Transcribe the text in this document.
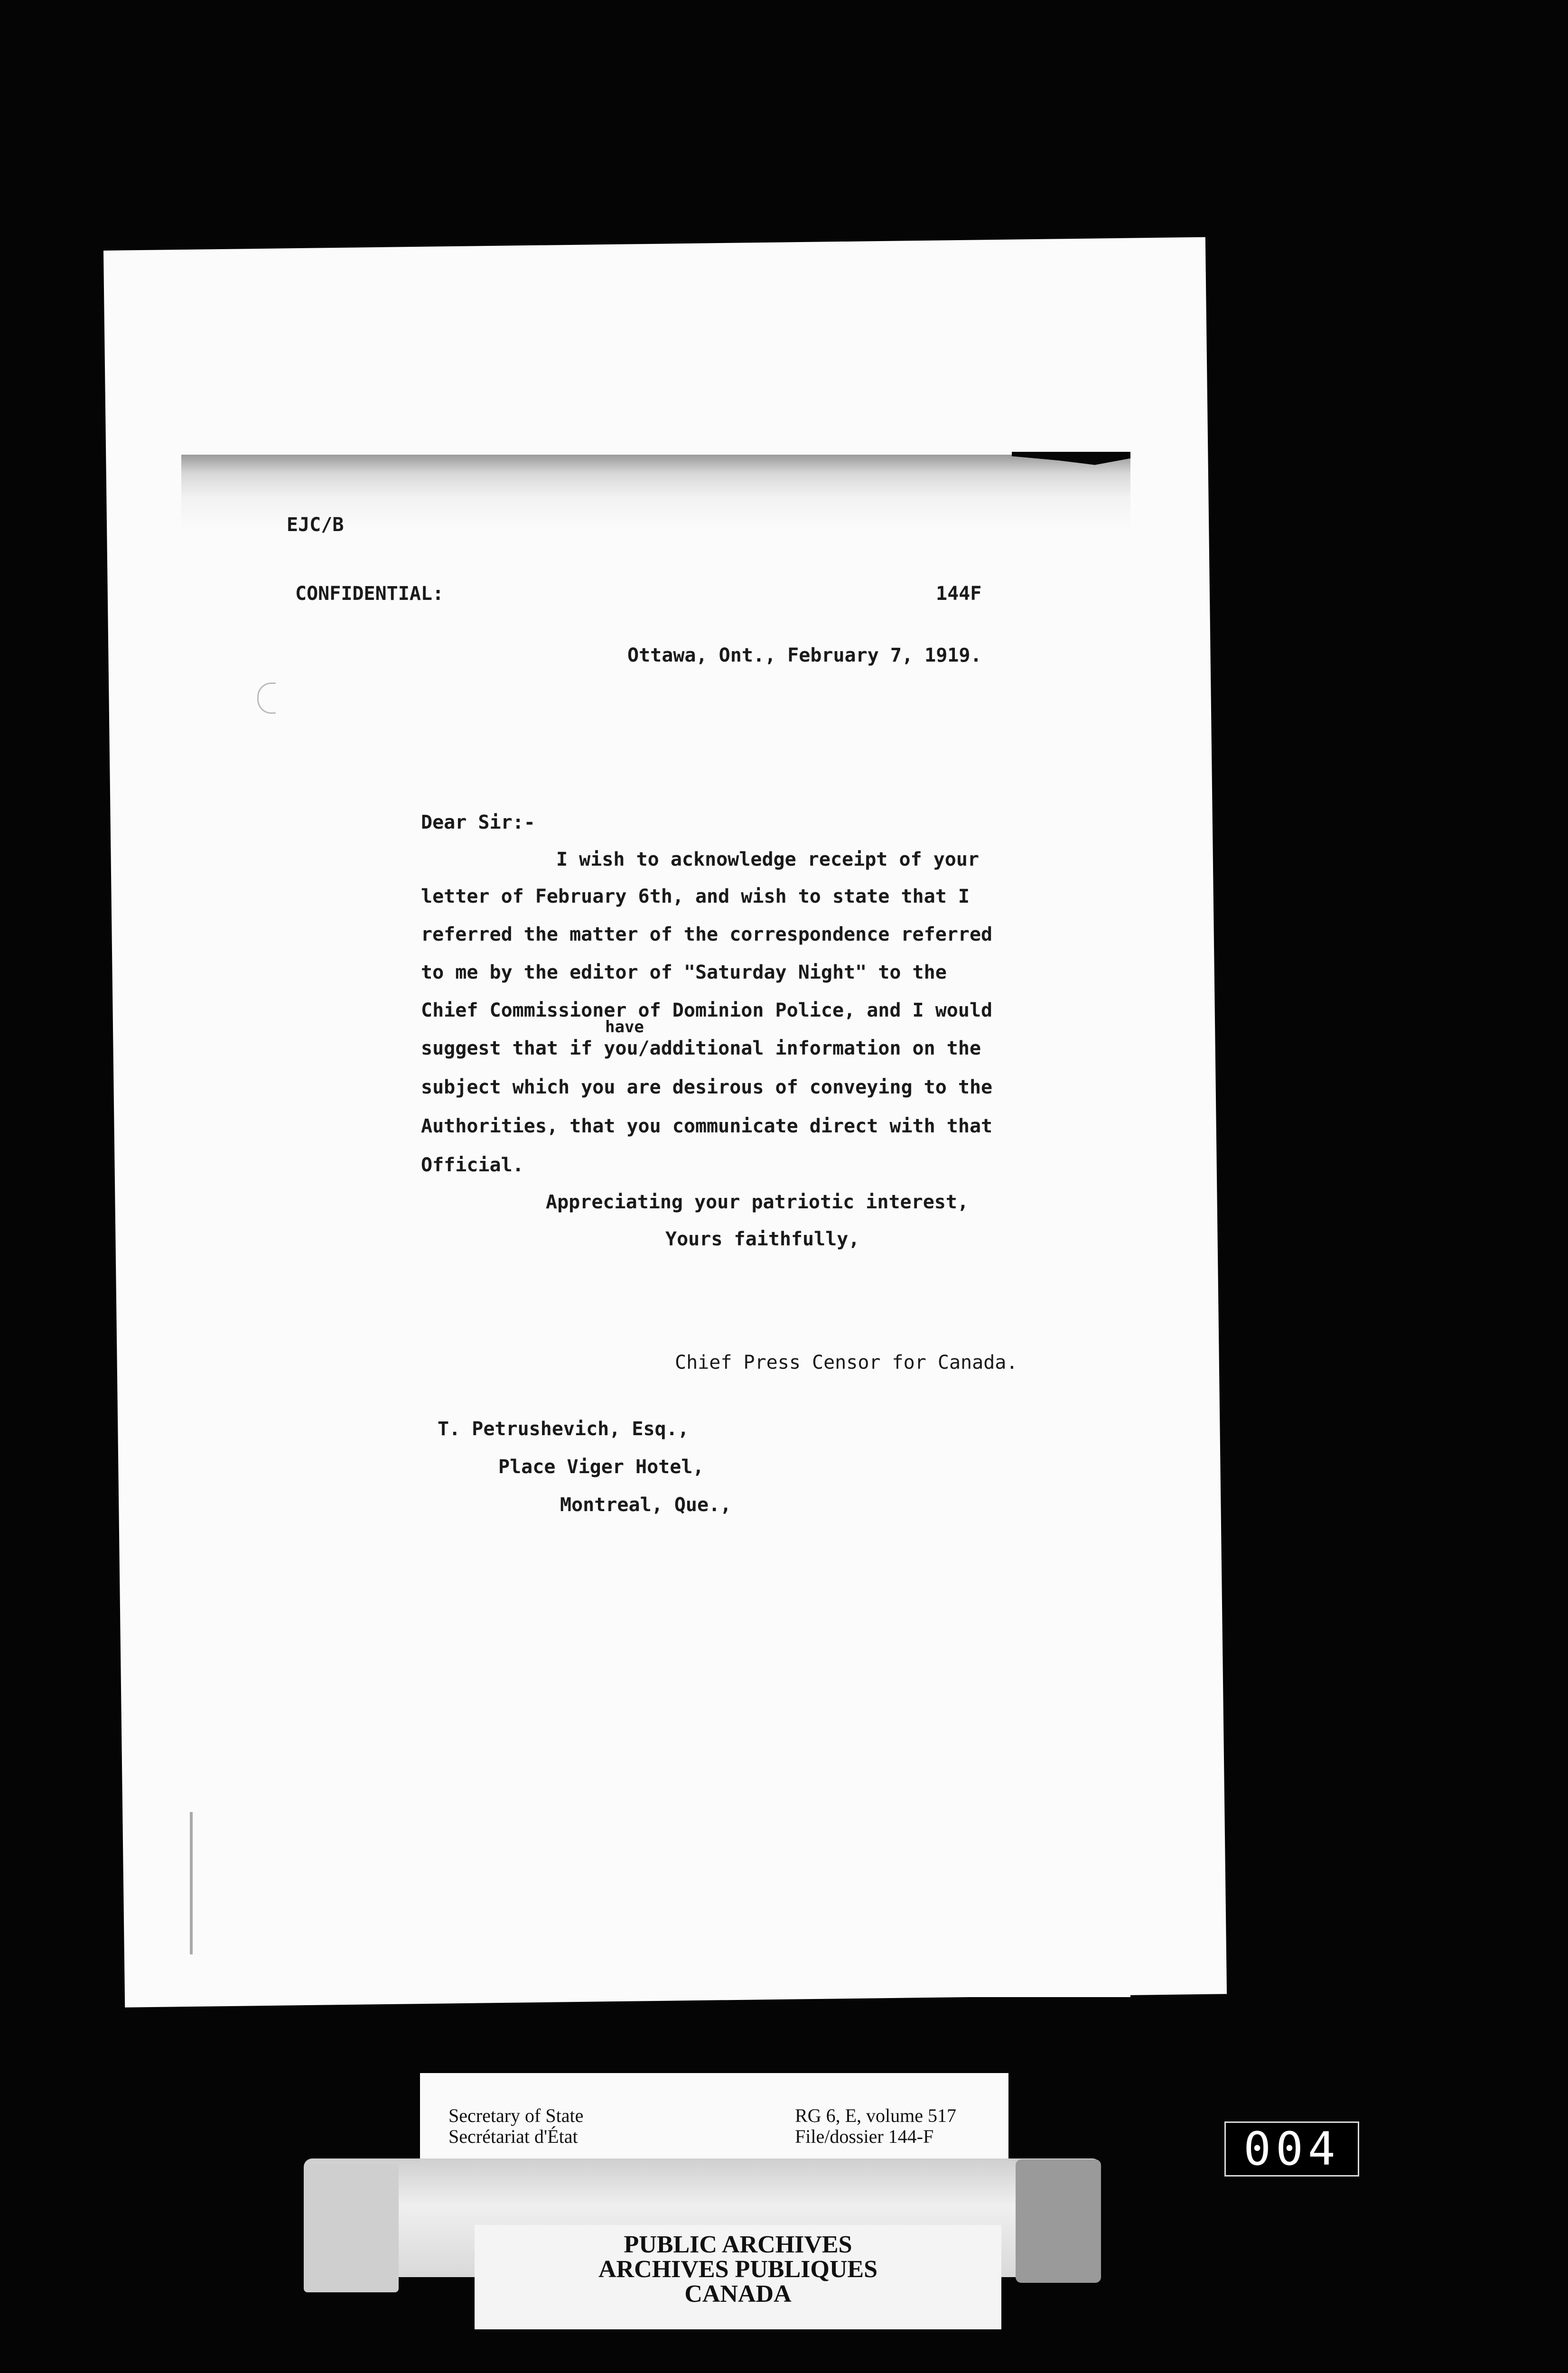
EJC/B
CONFIDENTIAL:	144F
Ottawa, Ont., February 7, 1919.
Dear Sir:-
I wish to acknowledge receipt of your
letter of February 6th, and wish to state that I
referred the matter of the correspondence referred
to me by the editor of "Saturday Night" to the
Chief Commissioner of Dominion Police, and I would
have
suggest that if you/additional information on the
subject which you are desirous of conveying to the
Authorities, that you communicate direct with that
Official.
Appreciating your patriotic interest,
Yours faithfully,
Chief Press Censor for Canada.
T. Petrushevich, Esq.,
Place Viger Hotel,
Montreal, Que.,
Secretary of State
Secrétariat d'État
RG 6, E, volume 517
File/dossier 144-F
PUBLIC ARCHIVES
ARCHIVES PUBLIQUES
CANADA
004
